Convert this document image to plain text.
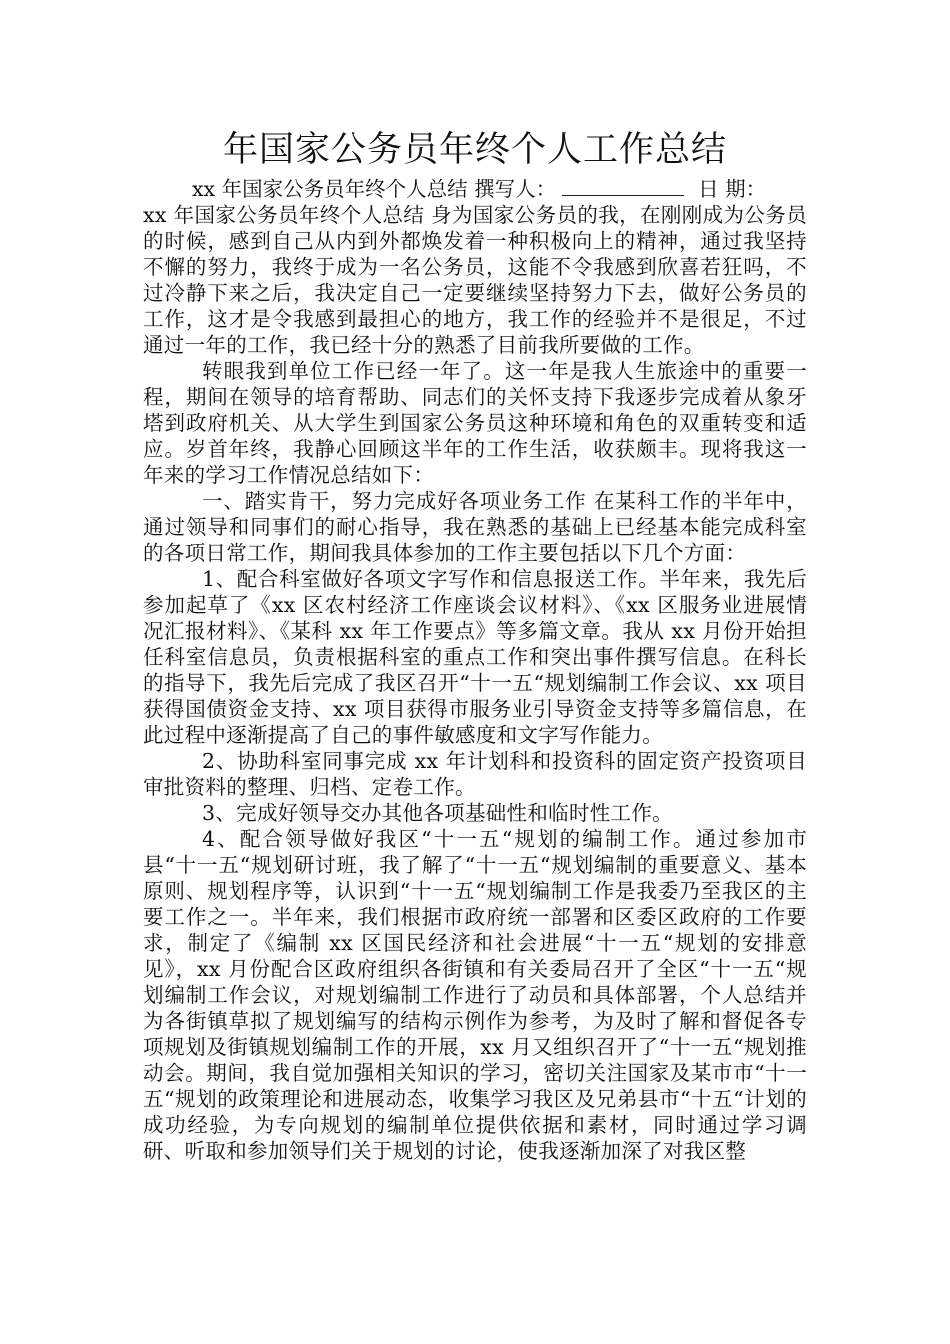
年国家公务员年终个人工作总结

xx 年国家公务员年终个人总结 撰写人：	日 期：

xx 年国家公务员年终个人总结 身为国家公务员的我，在刚刚成为公务员的时候，感到自己从内到外都焕发着一种积极向上的精神，通过我坚持不懈的努力，我终于成为一名公务员，这能不令我感到欣喜若狂吗，不过冷静下来之后，我决定自己一定要继续坚持努力下去，做好公务员的工作，这才是令我感到最担心的地方，我工作的经验并不是很足，不过通过一年的工作，我已经十分的熟悉了目前我所要做的工作。

转眼我到单位工作已经一年了。这一年是我人生旅途中的重要一程，期间在领导的培育帮助、同志们的关怀支持下我逐步完成着从象牙塔到政府机关、从大学生到国家公务员这种环境和角色的双重转变和适应。岁首年终，我静心回顾这半年的工作生活，收获颇丰。现将我这一年来的学习工作情况总结如下：

一、踏实肯干，努力完成好各项业务工作 在某科工作的半年中，通过领导和同事们的耐心指导，我在熟悉的基础上已经基本能完成科室的各项日常工作，期间我具体参加的工作主要包括以下几个方面：

1、配合科室做好各项文字写作和信息报送工作。半年来，我先后参加起草了《xx 区农村经济工作座谈会议材料》、《xx 区服务业进展情况汇报材料》、《某科 xx 年工作要点》等多篇文章。我从 xx 月份开始担任科室信息员，负责根据科室的重点工作和突出事件撰写信息。在科长的指导下，我先后完成了我区召开“十一五“规划编制工作会议、xx 项目获得国债资金支持、xx 项目获得市服务业引导资金支持等多篇信息，在此过程中逐渐提高了自己的事件敏感度和文字写作能力。

2、协助科室同事完成 xx 年计划科和投资科的固定资产投资项目审批资料的整理、归档、定卷工作。

3、完成好领导交办其他各项基础性和临时性工作。

4、配合领导做好我区“十一五“规划的编制工作。通过参加市县“十一五“规划研讨班，我了解了“十一五“规划编制的重要意义、基本原则、规划程序等，认识到“十一五“规划编制工作是我委乃至我区的主要工作之一。半年来，我们根据市政府统一部署和区委区政府的工作要求，制定了《编制 xx 区国民经济和社会进展“十一五“规划的安排意见》，xx 月份配合区政府组织各街镇和有关委局召开了全区“十一五“规划编制工作会议，对规划编制工作进行了动员和具体部署，个人总结并为各街镇草拟了规划编写的结构示例作为参考，为及时了解和督促各专项规划及街镇规划编制工作的开展，xx 月又组织召开了“十一五“规划推动会。期间，我自觉加强相关知识的学习，密切关注国家及某市市“十一五“规划的政策理论和进展动态，收集学习我区及兄弟县市“十五“计划的成功经验，为专向规划的编制单位提供依据和素材，同时通过学习调研、听取和参加领导们关于规划的讨论，使我逐渐加深了对我区整
